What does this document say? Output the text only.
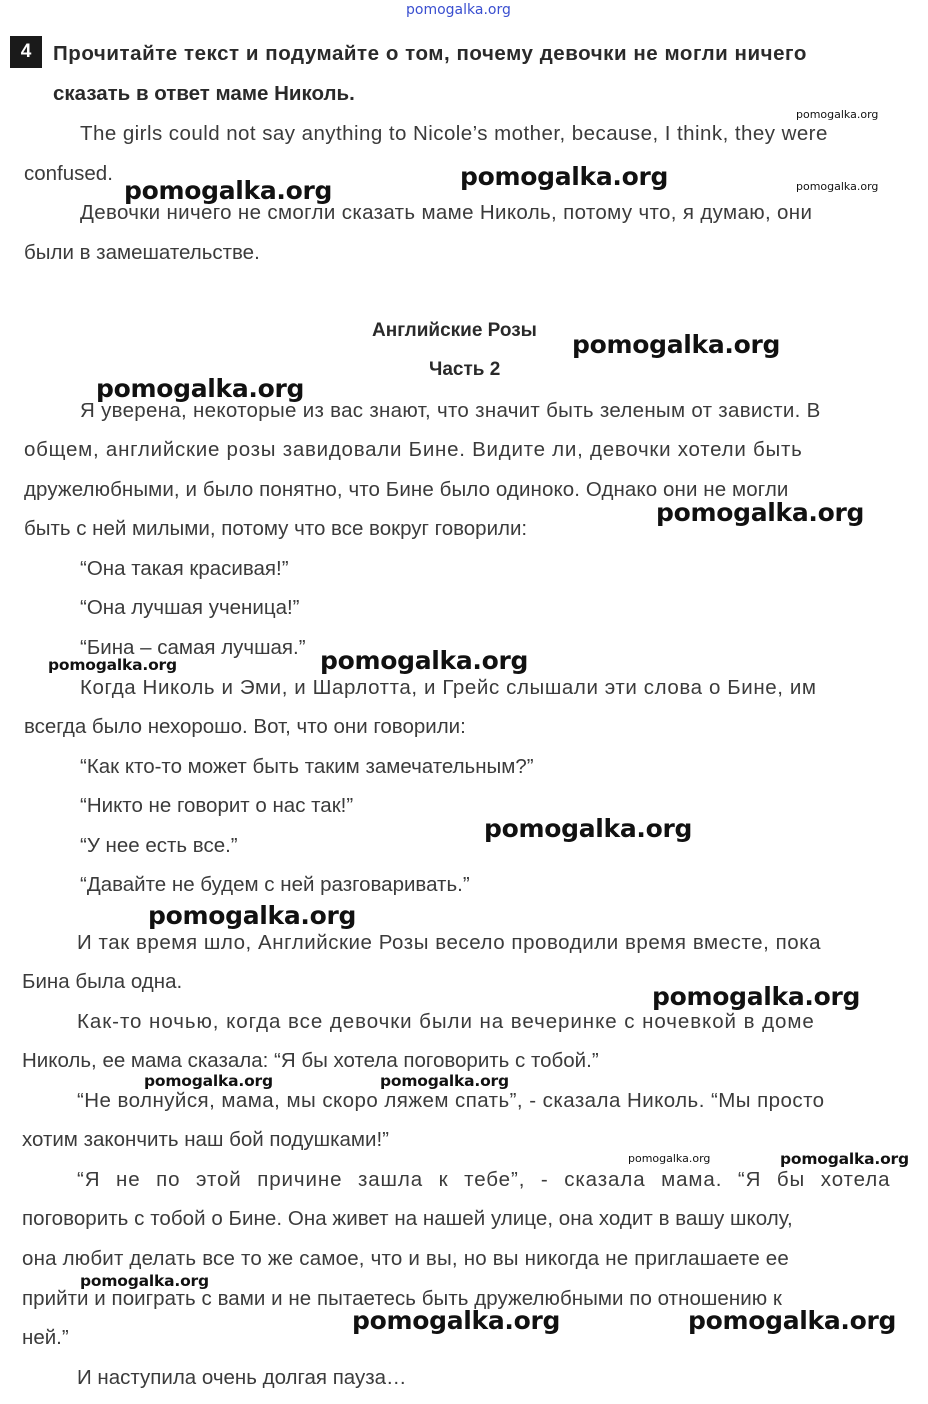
pomogalka.org
4	Прочитайте текст и подумайте о том, почему девочки не могли ничего
сказать в ответ маме Николь.
The girls could not say anything to Nicole’s mother, because, I think, they were
confused.
Девочки ничего не смогли сказать маме Николь, потому что, я думаю, они
были в замешательстве.
Английские Розы
Часть 2
Я уверена, некоторые из вас знают, что значит быть зеленым от зависти. В
общем, английские розы завидовали Бине. Видите ли, девочки хотели быть
дружелюбными, и было понятно, что Бине было одиноко. Однако они не могли
быть с ней милыми, потому что все вокруг говорили:
“Она такая красивая!”
“Она лучшая ученица!”
“Бина – самая лучшая.”
Когда Николь и Эми, и Шарлотта, и Грейс слышали эти слова о Бине, им
всегда было нехорошо. Вот, что они говорили:
“Как кто-то может быть таким замечательным?”
“Никто не говорит о нас так!”
“У нее есть все.”
“Давайте не будем с ней разговаривать.”
И так время шло, Английские Розы весело проводили время вместе, пока
Бина была одна.
Как-то ночью, когда все девочки были на вечеринке с ночевкой в доме
Николь, ее мама сказала: “Я бы хотела поговорить с тобой.”
“Не волнуйся, мама, мы скоро ляжем спать”, - сказала Николь. “Мы просто
хотим закончить наш бой подушками!”
“Я не по этой причине зашла к тебе”, - сказала мама. “Я бы хотела
поговорить с тобой о Бине. Она живет на нашей улице, она ходит в вашу школу,
она любит делать все то же самое, что и вы, но вы никогда не приглашаете ее
прийти и поиграть с вами и не пытаетесь быть дружелюбными по отношению к
ней.”
И наступила очень долгая пауза…
pomogalka.org
pomogalka.org	pomogalka.org	pomogalka.org
pomogalka.org
pomogalka.org
pomogalka.org
pomogalka.org	pomogalka.org
pomogalka.org
pomogalka.org
pomogalka.org
pomogalka.org	pomogalka.org
pomogalka.org	pomogalka.org
pomogalka.org
pomogalka.org	pomogalka.org
